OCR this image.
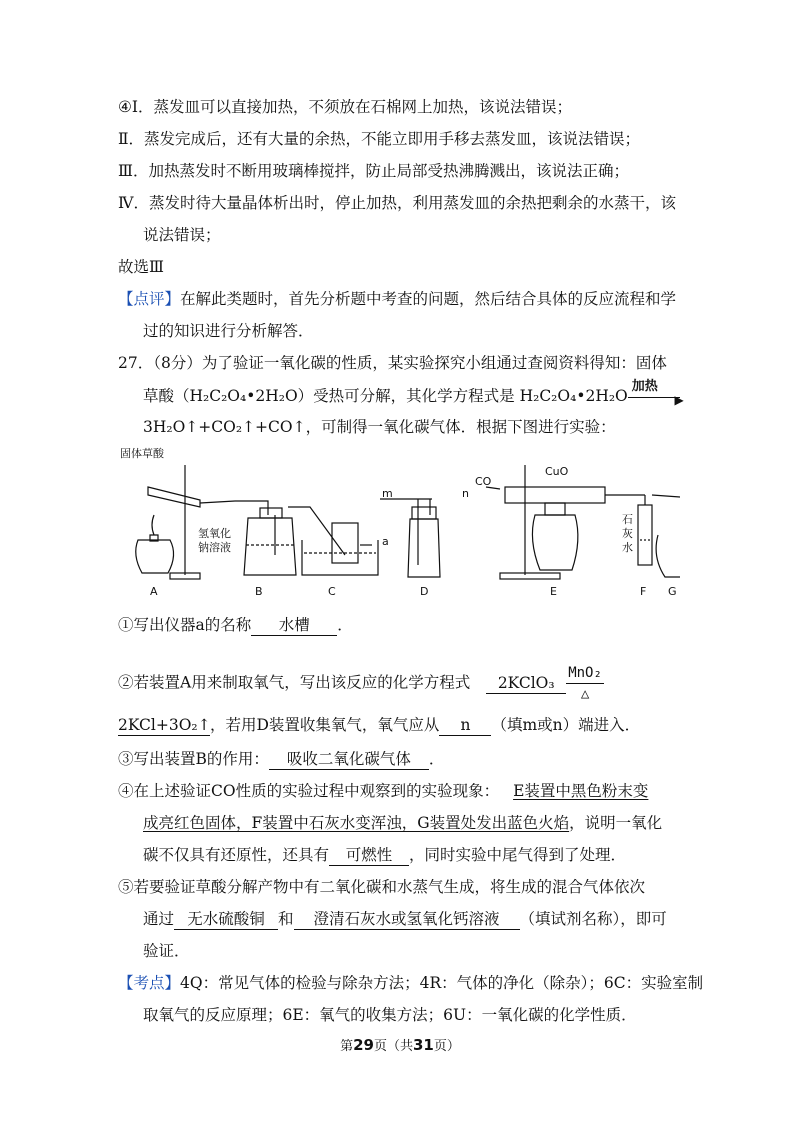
④Ⅰ．蒸发皿可以直接加热，不须放在石棉网上加热，该说法错误；
Ⅱ．蒸发完成后，还有大量的余热，不能立即用手移去蒸发皿，该说法错误；
Ⅲ．加热蒸发时不断用玻璃棒搅拌，防止局部受热沸腾溅出，该说法正确；
Ⅳ．蒸发时待大量晶体析出时，停止加热，利用蒸发皿的余热把剩余的水蒸干，该
说法错误；
故选Ⅲ
【点评】在解此类题时，首先分析题中考查的问题，然后结合具体的反应流程和学
过的知识进行分析解答．
27．（8分）为了验证一氧化碳的性质，某实验探究小组通过查阅资料得知：固体
草酸（H₂C₂O₄•2H₂O）受热可分解，其化学方程式是 H₂C₂O₄•2H₂O
加热
▶
3H₂O↑+CO₂↑+CO↑，可制得一氧化碳气体．根据下图进行实验：
固体草酸
氢氧化
钠溶液	a
m	n
CO
CuO
石
灰
水
A	B	C	D	E	F G
①写出仪器a的名称 水槽 ．
②若装置A用来制取氧气，写出该反应的化学方程式 2KClO₃ $\frac{\text{MnO₂}}{\triangle}$
2KCl+3O₂↑，若用D装置收集氧气，氧气应从 n （填m或n）端进入．
③写出装置B的作用： 吸收二氧化碳气体 ．
④在上述验证CO性质的实验过程中观察到的实验现象： E装置中黑色粉末变
成亮红色固体，F装置中石灰水变浑浊，G装置处发出蓝色火焰，说明一氧化
碳不仅具有还原性，还具有 可燃性 ，同时实验中尾气得到了处理．
⑤若要验证草酸分解产物中有二氧化碳和水蒸气生成，将生成的混合气体依次
通过 无水硫酸铜 和 澄清石灰水或氢氧化钙溶液 （填试剂名称），即可
验证．
【考点】4Q：常见气体的检验与除杂方法；4R：气体的净化（除杂）；6C：实验室制
取氧气的反应原理；6E：氧气的收集方法；6U：一氧化碳的化学性质．
第29页（共31页）
